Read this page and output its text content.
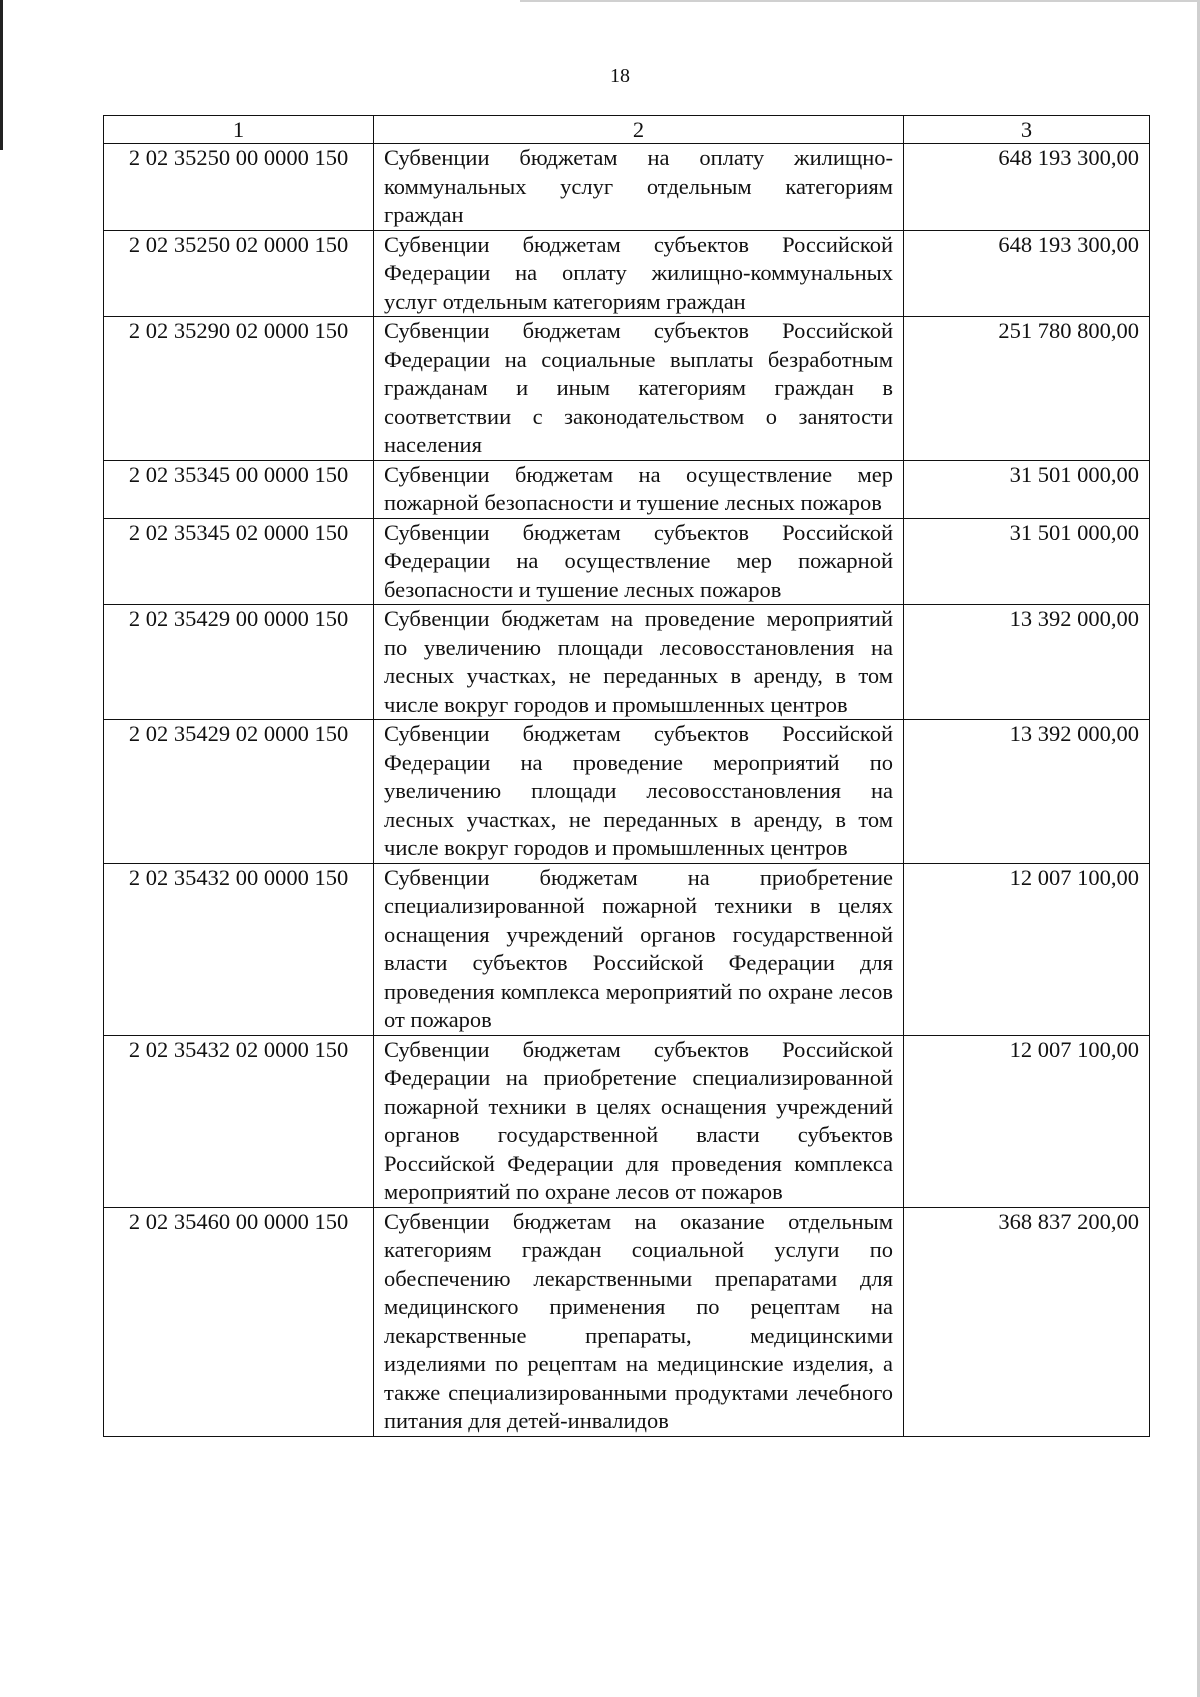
18
1	2	3
2 02 35250 00 0000 150	Субвенции бюджетам на оплату жилищно-коммунальных услуг отдельным категориям граждан	648 193 300,00
2 02 35250 02 0000 150	Субвенции бюджетам субъектов Российской Федерации на оплату жилищно-коммунальных услуг отдельным категориям граждан	648 193 300,00
2 02 35290 02 0000 150	Субвенции бюджетам субъектов Российской Федерации на социальные выплаты безработным гражданам и иным категориям граждан в соответствии с законодательством о занятости населения	251 780 800,00
2 02 35345 00 0000 150	Субвенции бюджетам на осуществление мер пожарной безопасности и тушение лесных пожаров	31 501 000,00
2 02 35345 02 0000 150	Субвенции бюджетам субъектов Российской Федерации на осуществление мер пожарной безопасности и тушение лесных пожаров	31 501 000,00
2 02 35429 00 0000 150	Субвенции бюджетам на проведение мероприятий по увеличению площади лесовосстановления на лесных участках, не переданных в аренду, в том числе вокруг городов и промышленных центров	13 392 000,00
2 02 35429 02 0000 150	Субвенции бюджетам субъектов Российской Федерации на проведение мероприятий по увеличению площади лесовосстановления на лесных участках, не переданных в аренду, в том числе вокруг городов и промышленных центров	13 392 000,00
2 02 35432 00 0000 150	Субвенции бюджетам на приобретение специализированной пожарной техники в целях оснащения учреждений органов государственной власти субъектов Российской Федерации для проведения комплекса мероприятий по охране лесов от пожаров	12 007 100,00
2 02 35432 02 0000 150	Субвенции бюджетам субъектов Российской Федерации на приобретение специализированной пожарной техники в целях оснащения учреждений органов государственной власти субъектов Российской Федерации для проведения комплекса мероприятий по охране лесов от пожаров	12 007 100,00
2 02 35460 00 0000 150	Субвенции бюджетам на оказание отдельным категориям граждан социальной услуги по обеспечению лекарственными препаратами для медицинского применения по рецептам на лекарственные препараты, медицинскими изделиями по рецептам на медицинские изделия, а также специализированными продуктами лечебного питания для детей-инвалидов	368 837 200,00
